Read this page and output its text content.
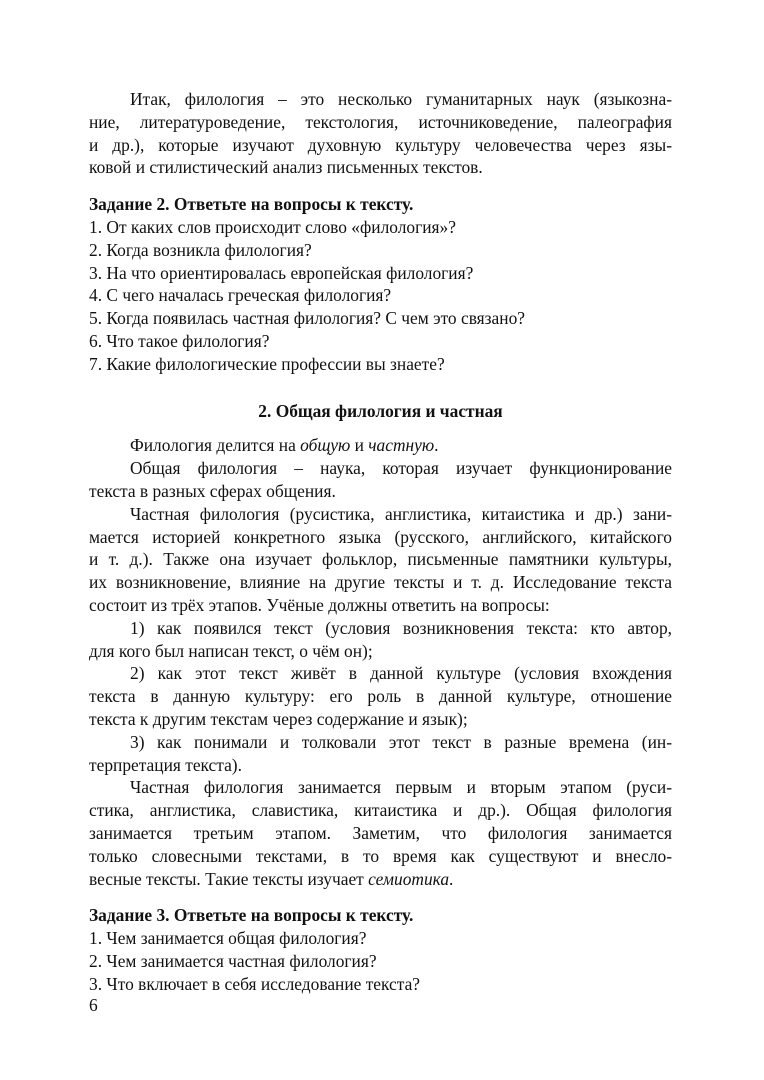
Итак, филология – это несколько гуманитарных наук (языкозна-

ние, литературоведение, текстология, источниковедение, палеография

и др.), которые изучают духовную культуру человечества через язы-

ковой и стилистический анализ письменных текстов.

Задание 2. Ответьте на вопросы к тексту.

1. От каких слов происходит слово «филология»?

2. Когда возникла филология?

3. На что ориентировалась европейская филология?

4. С чего началась греческая филология?

5. Когда появилась частная филология? С чем это связано?

6. Что такое филология?

7. Какие филологические профессии вы знаете?

2. Общая филология и частная

Филология делится на общую и частную.

Общая филология – наука, которая изучает функционирование

текста в разных сферах общения.

Частная филология (русистика, англистика, китаистика и др.) зани-

мается историей конкретного языка (русского, английского, китайского

и т. д.). Также она изучает фольклор, письменные памятники культуры,

их возникновение, влияние на другие тексты и т. д. Исследование текста

состоит из трёх этапов. Учёные должны ответить на вопросы:

1) как появился текст (условия возникновения текста: кто автор,

для кого был написан текст, о чём он);

2) как этот текст живёт в данной культуре (условия вхождения

текста в данную культуру: его роль в данной культуре, отношение

текста к другим текстам через содержание и язык);

3) как понимали и толковали этот текст в разные времена (ин-

терпретация текста).

Частная филология занимается первым и вторым этапом (руси-

стика, англистика, славистика, китаистика и др.). Общая филология

занимается третьим этапом. Заметим, что филология занимается

только словесными текстами, в то время как существуют и внесло-

весные тексты. Такие тексты изучает семиотика.

Задание 3. Ответьте на вопросы к тексту.

1. Чем занимается общая филология?

2. Чем занимается частная филология?

3. Что включает в себя исследование текста?

6
